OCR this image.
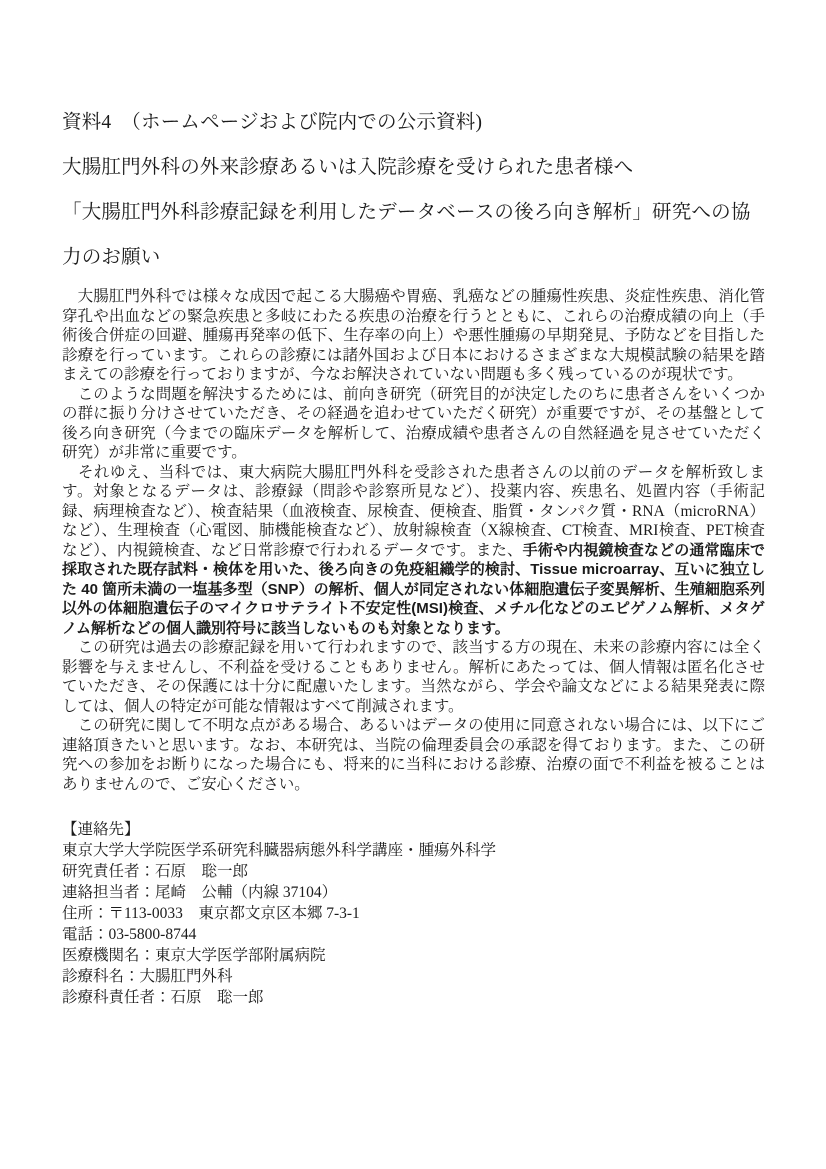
資料4　（ホームページおよび院内での公示資料)

大腸肛門外科の外来診療あるいは入院診療を受けられた患者様へ

「大腸肛門外科診療記録を利用したデータベースの後ろ向き解析」研究への協力のお願い

　大腸肛門外科では様々な成因で起こる大腸癌や胃癌、乳癌などの腫瘍性疾患、炎症性疾患、消化管穿孔や出血などの緊急疾患と多岐にわたる疾患の治療を行うとともに、これらの治療成績の向上（手術後合併症の回避、腫瘍再発率の低下、生存率の向上）や悪性腫瘍の早期発見、予防などを目指した診療を行っています。これらの診療には諸外国および日本におけるさまざまな大規模試験の結果を踏まえての診療を行っておりますが、今なお解決されていない問題も多く残っているのが現状です。

　このような問題を解決するためには、前向き研究（研究目的が決定したのちに患者さんをいくつかの群に振り分けさせていただき、その経過を追わせていただく研究）が重要ですが、その基盤として後ろ向き研究（今までの臨床データを解析して、治療成績や患者さんの自然経過を見させていただく研究）が非常に重要です。

　それゆえ、当科では、東大病院大腸肛門外科を受診された患者さんの以前のデータを解析致します。対象となるデータは、診療録（問診や診察所見など）、投薬内容、疾患名、処置内容（手術記録、病理検査など）、検査結果（血液検査、尿検査、便検査、脂質・タンパク質・RNA（microRNA）など）、生理検査（心電図、肺機能検査など）、放射線検査（X線検査、CT検査、MRI検査、PET検査など）、内視鏡検査、など日常診療で行われるデータです。また、手術や内視鏡検査などの通常臨床で採取された既存試料・検体を用いた、後ろ向きの免疫組織学的検討、Tissue microarray、互いに独立した 40 箇所未満の一塩基多型（SNP）の解析、個人が同定されない体細胞遺伝子変異解析、生殖細胞系列以外の体細胞遺伝子のマイクロサテライト不安定性(MSI)検査、メチル化などのエピゲノム解析、メタゲノム解析などの個人識別符号に該当しないものも対象となります。

　この研究は過去の診療記録を用いて行われますので、該当する方の現在、未来の診療内容には全く影響を与えませんし、不利益を受けることもありません。解析にあたっては、個人情報は匿名化させていただき、その保護には十分に配慮いたします。当然ながら、学会や論文などによる結果発表に際しては、個人の特定が可能な情報はすべて削減されます。

　この研究に関して不明な点がある場合、あるいはデータの使用に同意されない場合には、以下にご連絡頂きたいと思います。なお、本研究は、当院の倫理委員会の承認を得ております。また、この研究への参加をお断りになった場合にも、将来的に当科における診療、治療の面で不利益を被ることはありませんので、ご安心ください。

【連絡先】

東京大学大学院医学系研究科臓器病態外科学講座・腫瘍外科学

研究責任者：石原　聡一郎

連絡担当者：尾崎　公輔（内線 37104）

住所：〒113-0033　東京都文京区本郷 7-3-1

電話：03-5800-8744

医療機関名：東京大学医学部附属病院

診療科名：大腸肛門外科

診療科責任者：石原　聡一郎
